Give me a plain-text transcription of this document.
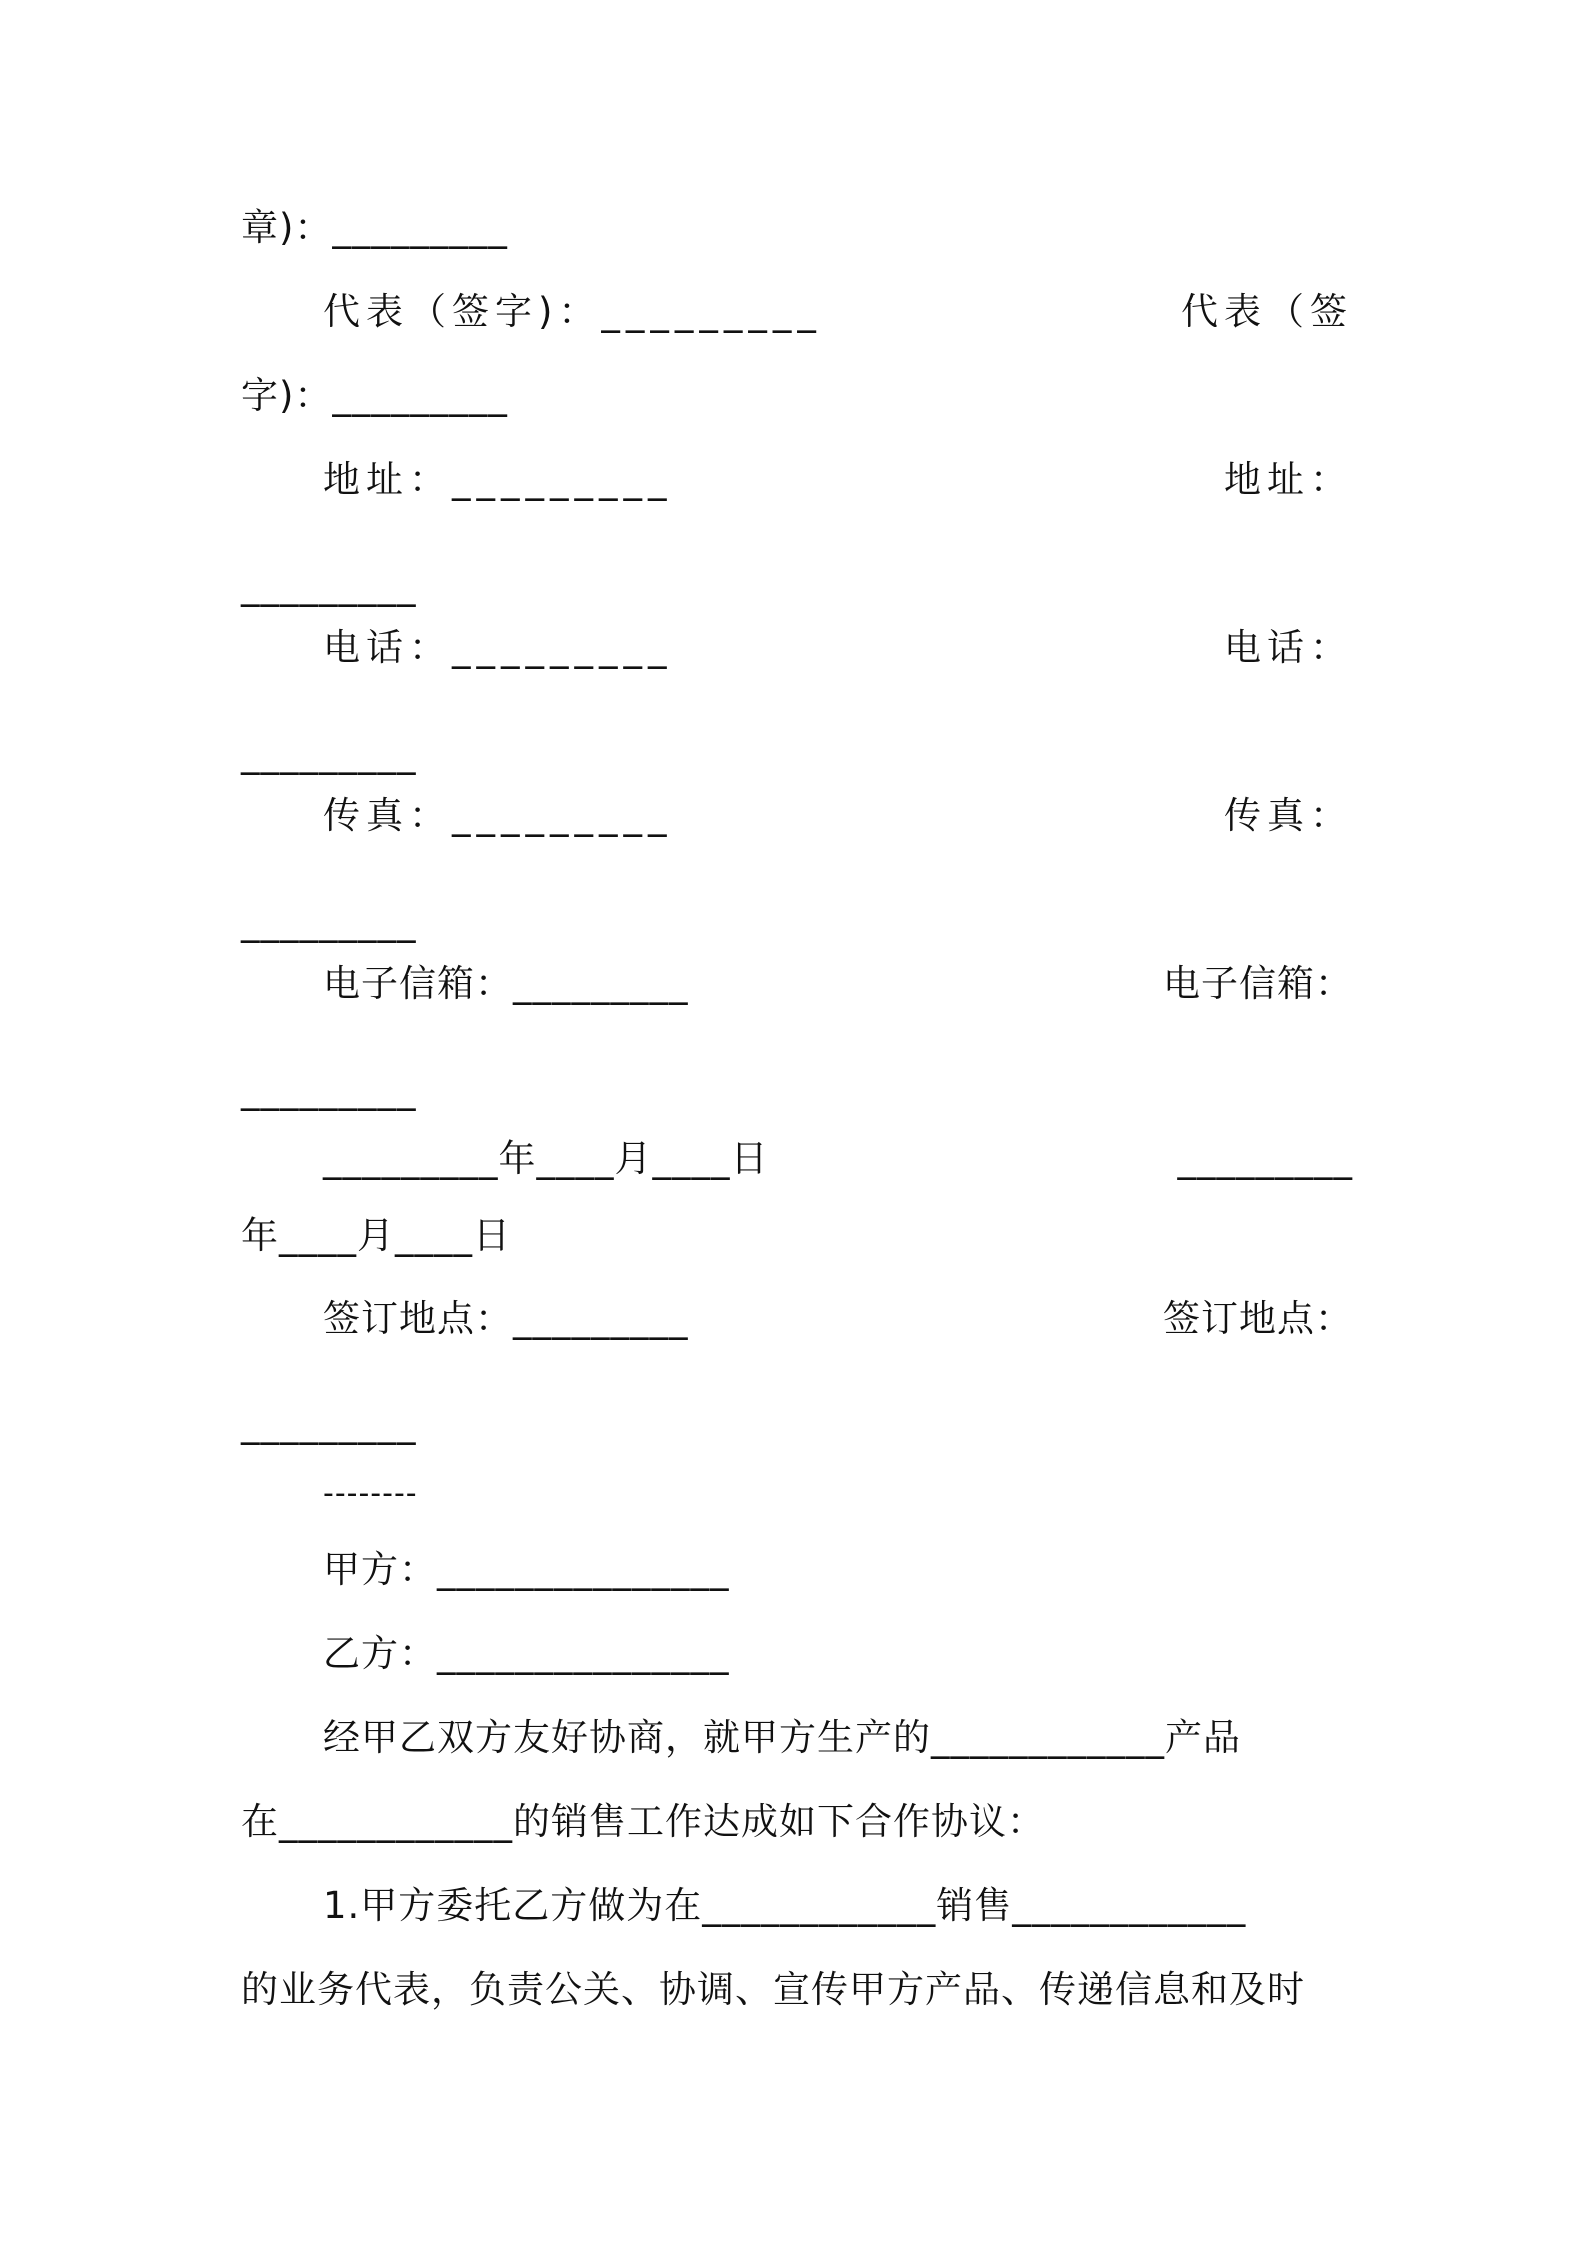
章)：_________
代表（签字)：_________	代表（签
字)：_________
地址：_________	地址：
_________
电话：_________	电话：
_________
传真：_________	传真：
_________
电子信箱：_________	电子信箱：
_________
_________年____月____日	_________
年____月____日
签订地点：_________	签订地点：
_________
--------
甲方：_______________
乙方：_______________
经甲乙双方友好协商，就甲方生产的____________产品
在____________的销售工作达成如下合作协议：
1.甲方委托乙方做为在____________销售____________
的业务代表，负责公关、协调、宣传甲方产品、传递信息和及时
